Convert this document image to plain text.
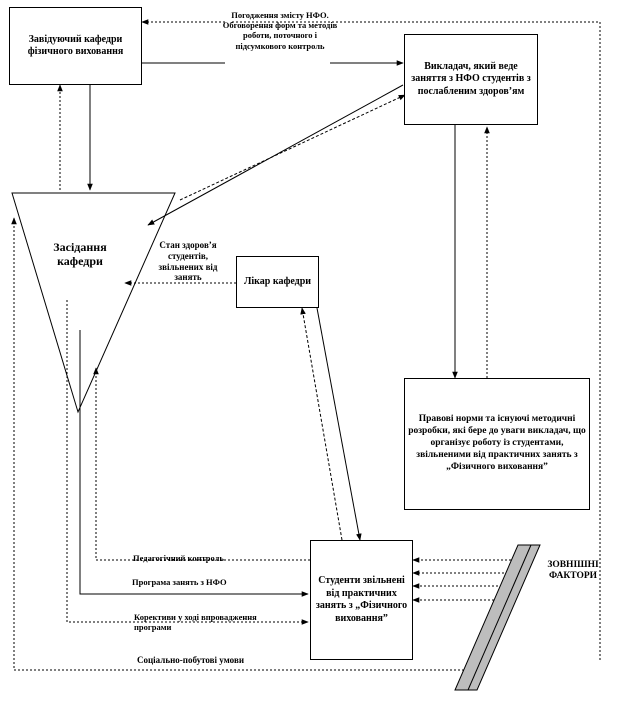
Завідуючий кафедри фізичного виховання
Викладач, який веде заняття з НФО студентів з послабленим здоров’ям
Лікар кафедри
Правові норми та існуючі методичні розробки, які бере до уваги викладач, що організує роботу із студентами, звільненими від практичних занять з „Фізичного виховання”
Студенти звільнені від практичних занять з „Фізичного виховання”
Засідання кафедри
ЗОВНІШНІ ФАКТОРИ
Погодження змісту НФО. Обговорення форм та методів роботи, поточного і підсумкового контроль
Стан здоров’я студентів, звільнених від занять
Педагогічний контроль
Програма занять з НФО
Корективи у ході впровадження програми
Соціально-побутові умови
